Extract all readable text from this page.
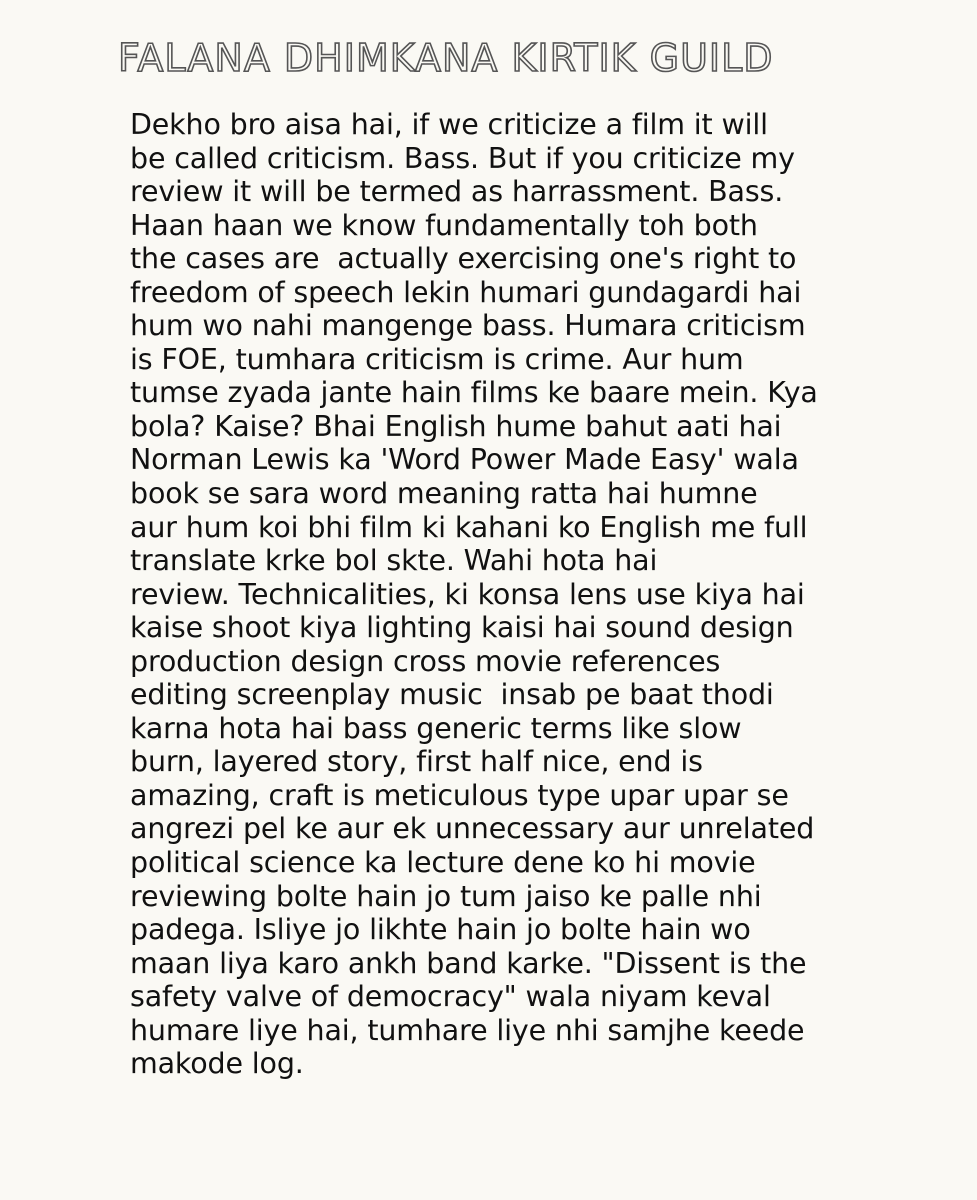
FALANA DHIMKANA KIRTIK GUILD
Dekho bro aisa hai, if we criticize a film it will
be called criticism. Bass. But if you criticize my
review it will be termed as harrassment. Bass.
Haan haan we know fundamentally toh both
the cases are  actually exercising one's right to
freedom of speech lekin humari gundagardi hai
hum wo nahi mangenge bass. Humara criticism
is FOE, tumhara criticism is crime. Aur hum
tumse zyada jante hain films ke baare mein. Kya
bola? Kaise? Bhai English hume bahut aati hai
Norman Lewis ka 'Word Power Made Easy' wala
book se sara word meaning ratta hai humne
aur hum koi bhi film ki kahani ko English me full
translate krke bol skte. Wahi hota hai
review. Technicalities, ki konsa lens use kiya hai
kaise shoot kiya lighting kaisi hai sound design
production design cross movie references
editing screenplay music  insab pe baat thodi
karna hota hai bass generic terms like slow
burn, layered story, first half nice, end is
amazing, craft is meticulous type upar upar se
angrezi pel ke aur ek unnecessary aur unrelated
political science ka lecture dene ko hi movie
reviewing bolte hain jo tum jaiso ke palle nhi
padega. Isliye jo likhte hain jo bolte hain wo
maan liya karo ankh band karke. "Dissent is the
safety valve of democracy" wala niyam keval
humare liye hai, tumhare liye nhi samjhe keede
makode log.
